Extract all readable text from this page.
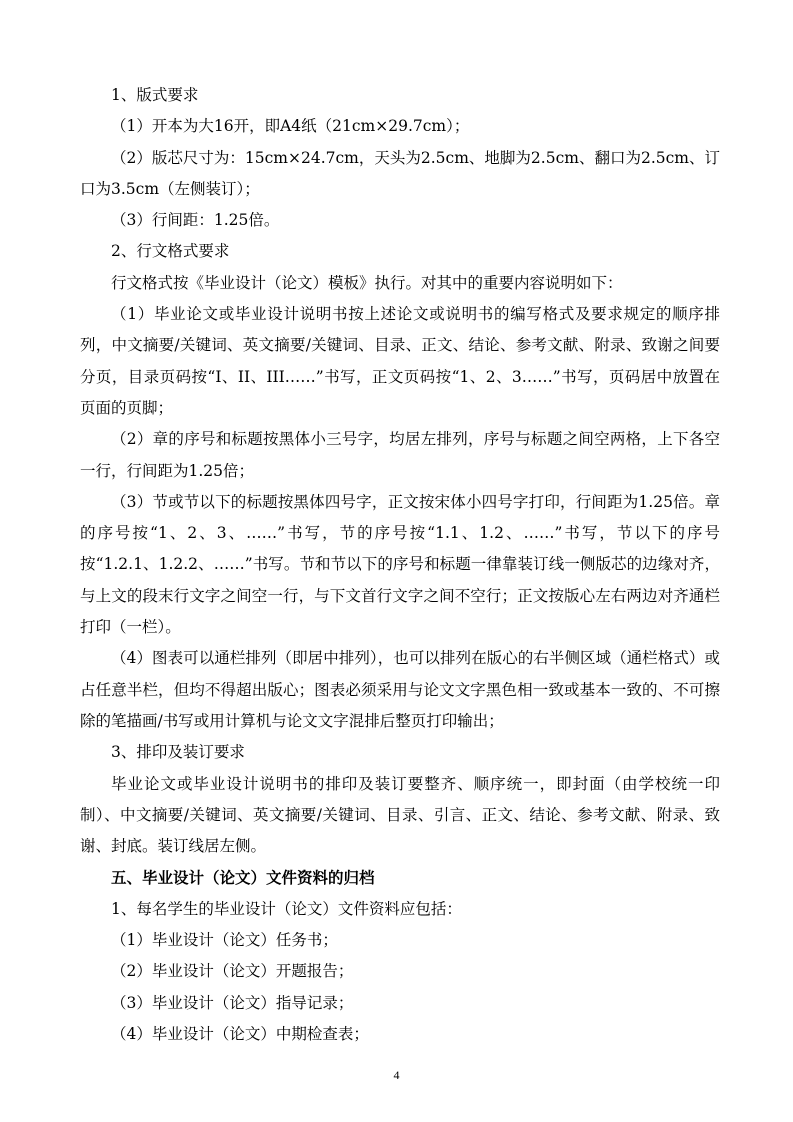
1、版式要求

（1）开本为大16开，即A4纸（21cm×29.7cm）；

（2）版芯尺寸为：15cm×24.7cm，天头为2.5cm、地脚为2.5cm、翻口为2.5cm、订口为3.5cm（左侧装订）；

（3）行间距：1.25倍。

2、行文格式要求

行文格式按《毕业设计（论文）模板》执行。对其中的重要内容说明如下：

（1）毕业论文或毕业设计说明书按上述论文或说明书的编写格式及要求规定的顺序排列，中文摘要/关键词、英文摘要/关键词、目录、正文、结论、参考文献、附录、致谢之间要分页，目录页码按“I、II、III……”书写，正文页码按“1、2、3……”书写，页码居中放置在页面的页脚；

（2）章的序号和标题按黑体小三号字，均居左排列，序号与标题之间空两格，上下各空一行，行间距为1.25倍；

（3）节或节以下的标题按黑体四号字，正文按宋体小四号字打印，行间距为1.25倍。章的序号按“1、2、3、……”书写，节的序号按“1.1、1.2、……”书写，节以下的序号按“1.2.1、1.2.2、……”书写。节和节以下的序号和标题一律靠装订线一侧版芯的边缘对齐，与上文的段末行文字之间空一行，与下文首行文字之间不空行；正文按版心左右两边对齐通栏打印（一栏）。

（4）图表可以通栏排列（即居中排列），也可以排列在版心的右半侧区域（通栏格式）或占任意半栏，但均不得超出版心；图表必须采用与论文文字黑色相一致或基本一致的、不可擦除的笔描画/书写或用计算机与论文文字混排后整页打印输出；

3、排印及装订要求

毕业论文或毕业设计说明书的排印及装订要整齐、顺序统一，即封面（由学校统一印制）、中文摘要/关键词、英文摘要/关键词、目录、引言、正文、结论、参考文献、附录、致谢、封底。装订线居左侧。

五、毕业设计（论文）文件资料的归档

1、每名学生的毕业设计（论文）文件资料应包括：

（1）毕业设计（论文）任务书；

（2）毕业设计（论文）开题报告；

（3）毕业设计（论文）指导记录；

（4）毕业设计（论文）中期检查表；

4
